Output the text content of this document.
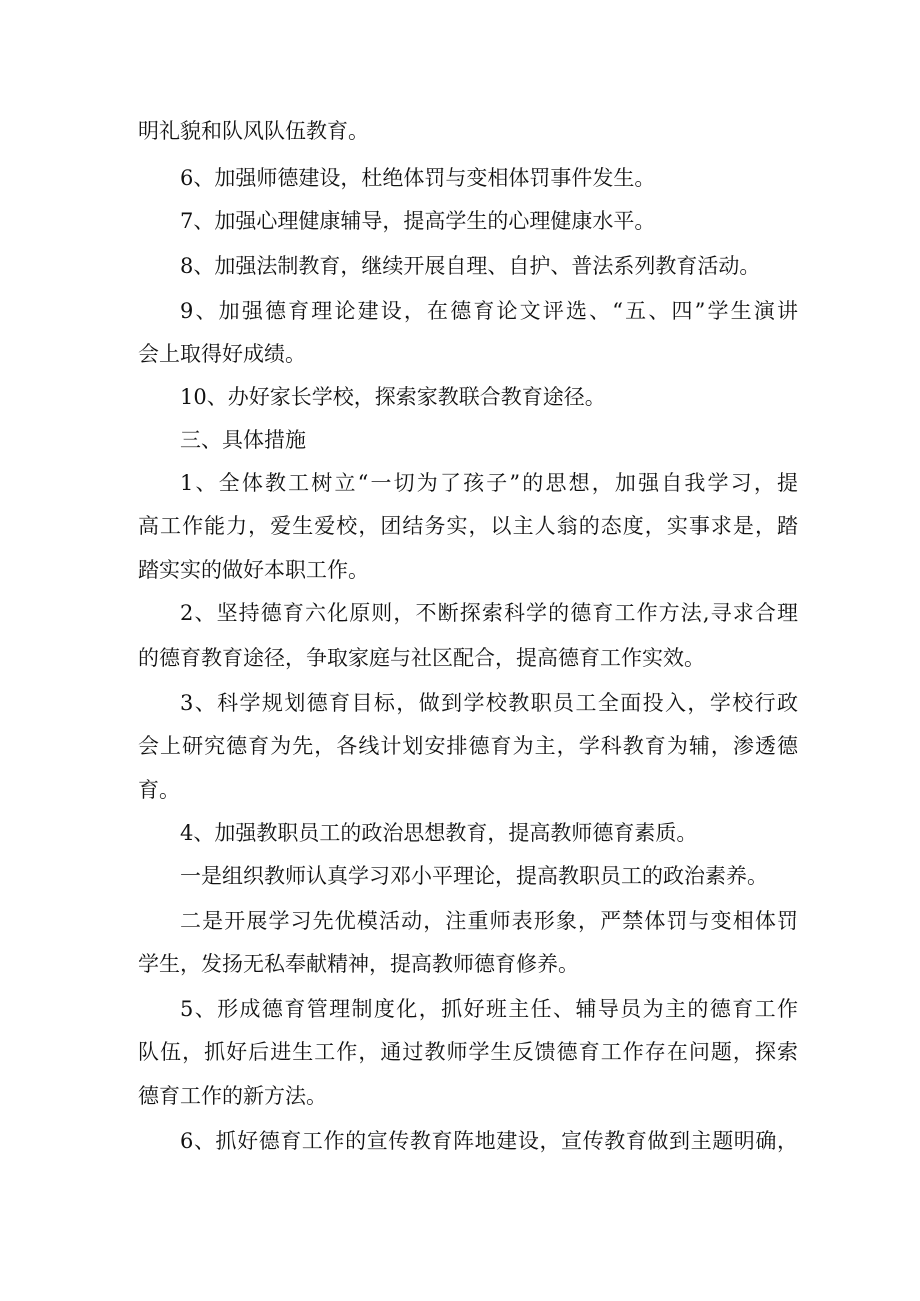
明礼貌和队风队伍教育。

6、加强师德建设，杜绝体罚与变相体罚事件发生。

7、加强心理健康辅导，提高学生的心理健康水平。

8、加强法制教育，继续开展自理、自护、普法系列教育活动。

9、加强德育理论建设，在德育论文评选、“五、四”学生演讲

会上取得好成绩。

10、办好家长学校，探索家教联合教育途径。

三、具体措施

1、全体教工树立“一切为了孩子”的思想，加强自我学习，提

高工作能力，爱生爱校，团结务实，以主人翁的态度，实事求是，踏

踏实实的做好本职工作。

2、坚持德育六化原则，不断探索科学的德育工作方法,寻求合理

的德育教育途径，争取家庭与社区配合，提高德育工作实效。

3、科学规划德育目标，做到学校教职员工全面投入，学校行政

会上研究德育为先，各线计划安排德育为主，学科教育为辅，渗透德

育。

4、加强教职员工的政治思想教育，提高教师德育素质。

一是组织教师认真学习邓小平理论，提高教职员工的政治素养。

二是开展学习先优模活动，注重师表形象，严禁体罚与变相体罚

学生，发扬无私奉献精神，提高教师德育修养。

5、形成德育管理制度化，抓好班主任、辅导员为主的德育工作

队伍，抓好后进生工作，通过教师学生反馈德育工作存在问题，探索

德育工作的新方法。

6、抓好德育工作的宣传教育阵地建设，宣传教育做到主题明确，
